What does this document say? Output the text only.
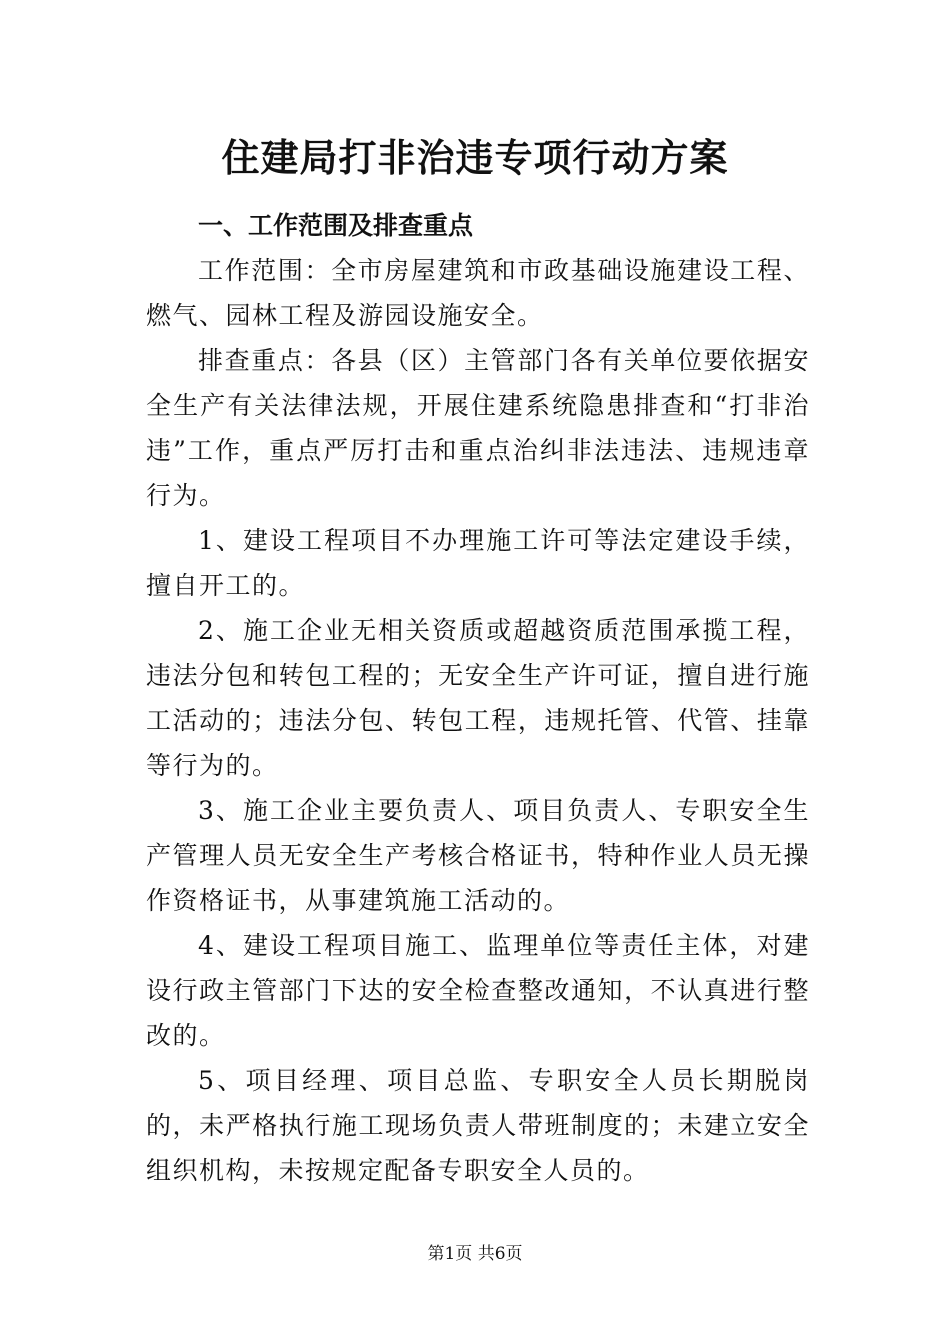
住建局打非治违专项行动方案

一、工作范围及排查重点

工作范围：全市房屋建筑和市政基础设施建设工程、燃气、园林工程及游园设施安全。

排查重点：各县（区）主管部门各有关单位要依据安全生产有关法律法规，开展住建系统隐患排查和“打非治违”工作，重点严厉打击和重点治纠非法违法、违规违章行为。

1、建设工程项目不办理施工许可等法定建设手续，擅自开工的。

2、施工企业无相关资质或超越资质范围承揽工程，违法分包和转包工程的；无安全生产许可证，擅自进行施工活动的；违法分包、转包工程，违规托管、代管、挂靠等行为的。

3、施工企业主要负责人、项目负责人、专职安全生产管理人员无安全生产考核合格证书，特种作业人员无操作资格证书，从事建筑施工活动的。

4、建设工程项目施工、监理单位等责任主体，对建设行政主管部门下达的安全检查整改通知，不认真进行整改的。

5、项目经理、项目总监、专职安全人员长期脱岗的，未严格执行施工现场负责人带班制度的；未建立安全组织机构，未按规定配备专职安全人员的。

第1页 共6页
